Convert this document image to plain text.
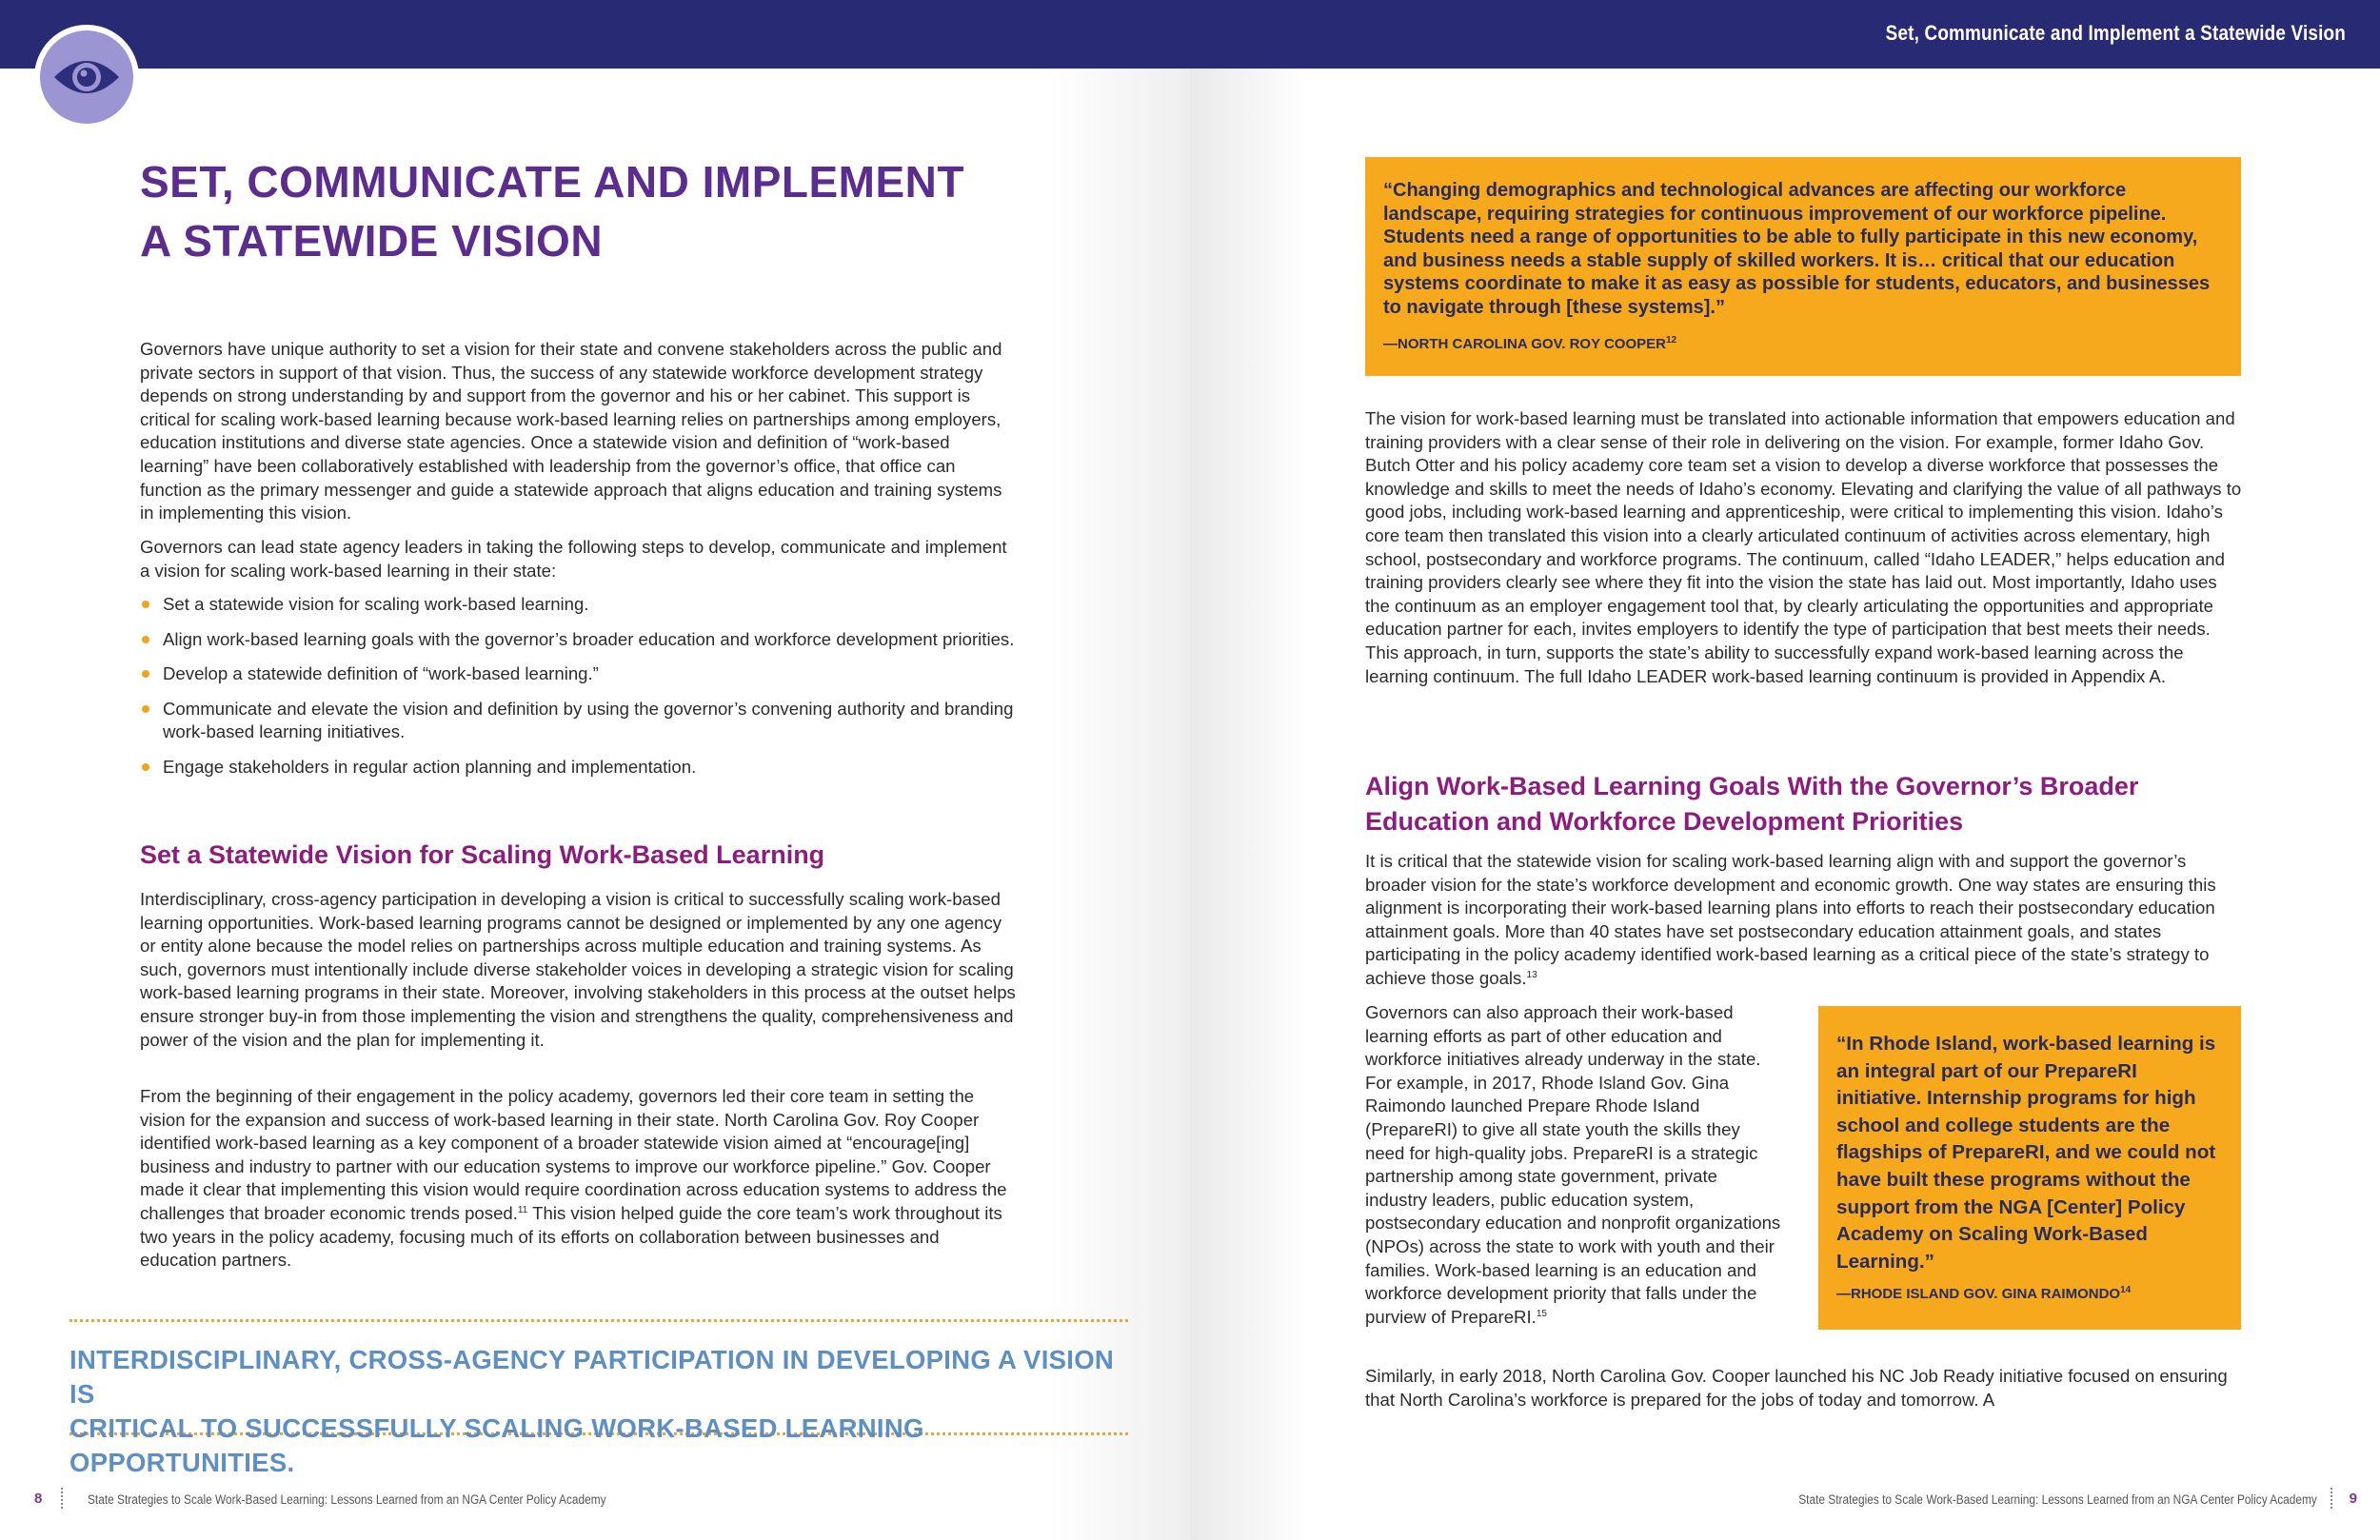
SET, COMMUNICATE AND IMPLEMENT
A STATEWIDE VISION

Governors have unique authority to set a vision for their state and convene stakeholders across the public and private sectors in support of that vision. Thus, the success of any statewide workforce development strategy depends on strong understanding by and support from the governor and his or her cabinet. This support is critical for scaling work-based learning because work-based learning relies on partnerships among employers, education institutions and diverse state agencies. Once a statewide vision and definition of “work-based learning” have been collaboratively established with leadership from the governor’s office, that office can function as the primary messenger and guide a statewide approach that aligns education and training systems in implementing this vision.

Governors can lead state agency leaders in taking the following steps to develop, communicate and implement a vision for scaling work-based learning in their state:

Set a statewide vision for scaling work-based learning.
Align work-based learning goals with the governor’s broader education and workforce development priorities.
Develop a statewide definition of “work-based learning.”
Communicate and elevate the vision and definition by using the governor’s convening authority and branding work-based learning initiatives.
Engage stakeholders in regular action planning and implementation.
Set a Statewide Vision for Scaling Work-Based Learning

Interdisciplinary, cross-agency participation in developing a vision is critical to successfully scaling work-based learning opportunities. Work-based learning programs cannot be designed or implemented by any one agency or entity alone because the model relies on partnerships across multiple education and training systems. As such, governors must intentionally include diverse stakeholder voices in developing a strategic vision for scaling work-based learning programs in their state. Moreover, involving stakeholders in this process at the outset helps ensure stronger buy-in from those implementing the vision and strengthens the quality, comprehensiveness and power of the vision and the plan for implementing it.

From the beginning of their engagement in the policy academy, governors led their core team in setting the vision for the expansion and success of work-based learning in their state. North Carolina Gov. Roy Cooper identified work-based learning as a key component of a broader statewide vision aimed at “encourage[ing] business and industry to partner with our education systems to improve our workforce pipeline.” Gov. Cooper made it clear that implementing this vision would require coordination across education systems to address the challenges that broader economic trends posed.$^{11}$ This vision helped guide the core team’s work throughout its two years in the policy academy, focusing much of its efforts on collaboration between businesses and education partners.

INTERDISCIPLINARY, CROSS-AGENCY PARTICIPATION IN DEVELOPING A VISION IS
CRITICAL TO SUCCESSFULLY SCALING WORK-BASED LEARNING OPPORTUNITIES.
8	State Strategies to Scale Work-Based Learning: Lessons Learned from an NGA Center Policy Academy
Set, Communicate and Implement a Statewide Vision
“Changing demographics and technological advances are affecting our workforce landscape, requiring strategies for continuous improvement of our workforce pipeline. Students need a range of opportunities to be able to fully participate in this new economy, and business needs a stable supply of skilled workers. It is… critical that our education systems coordinate to make it as easy as possible for students, educators, and businesses to navigate through [these systems].”
—NORTH CAROLINA GOV. ROY COOPER$^{12}$

The vision for work-based learning must be translated into actionable information that empowers education and training providers with a clear sense of their role in delivering on the vision. For example, former Idaho Gov. Butch Otter and his policy academy core team set a vision to develop a diverse workforce that possesses the knowledge and skills to meet the needs of Idaho’s economy. Elevating and clarifying the value of all pathways to good jobs, including work-based learning and apprenticeship, were critical to implementing this vision. Idaho’s core team then translated this vision into a clearly articulated continuum of activities across elementary, high school, postsecondary and workforce programs. The continuum, called “Idaho LEADER,” helps education and training providers clearly see where they fit into the vision the state has laid out. Most importantly, Idaho uses the continuum as an employer engagement tool that, by clearly articulating the opportunities and appropriate education partner for each, invites employers to identify the type of participation that best meets their needs. This approach, in turn, supports the state’s ability to successfully expand work-based learning across the learning continuum. The full Idaho LEADER work-based learning continuum is provided in Appendix A.

Align Work-Based Learning Goals With the Governor’s Broader
Education and Workforce Development Priorities

It is critical that the statewide vision for scaling work-based learning align with and support the governor’s broader vision for the state’s workforce development and economic growth. One way states are ensuring this alignment is incorporating their work-based learning plans into efforts to reach their postsecondary education attainment goals. More than 40 states have set postsecondary education attainment goals, and states participating in the policy academy identified work-based learning as a critical piece of the state’s strategy to achieve those goals.$^{13}$

Governors can also approach their work-based learning efforts as part of other education and workforce initiatives already underway in the state. For example, in 2017, Rhode Island Gov. Gina Raimondo launched Prepare Rhode Island (PrepareRI) to give all state youth the skills they need for high-quality jobs. PrepareRI is a strategic partnership among state government, private industry leaders, public education system, postsecondary education and nonprofit organizations (NPOs) across the state to work with youth and their families. Work-based learning is an education and workforce development priority that falls under the purview of PrepareRI.$^{15}$

“In Rhode Island, work-based learning is an integral part of our PrepareRI initiative. Internship programs for high school and college students are the flagships of PrepareRI, and we could not have built these programs without the support from the NGA [Center] Policy Academy on Scaling Work-Based Learning.”
—RHODE ISLAND GOV. GINA RAIMONDO$^{14}$

Similarly, in early 2018, North Carolina Gov. Cooper launched his NC Job Ready initiative focused on ensuring that North Carolina’s workforce is prepared for the jobs of today and tomorrow. A

State Strategies to Scale Work-Based Learning: Lessons Learned from an NGA Center Policy Academy 9
